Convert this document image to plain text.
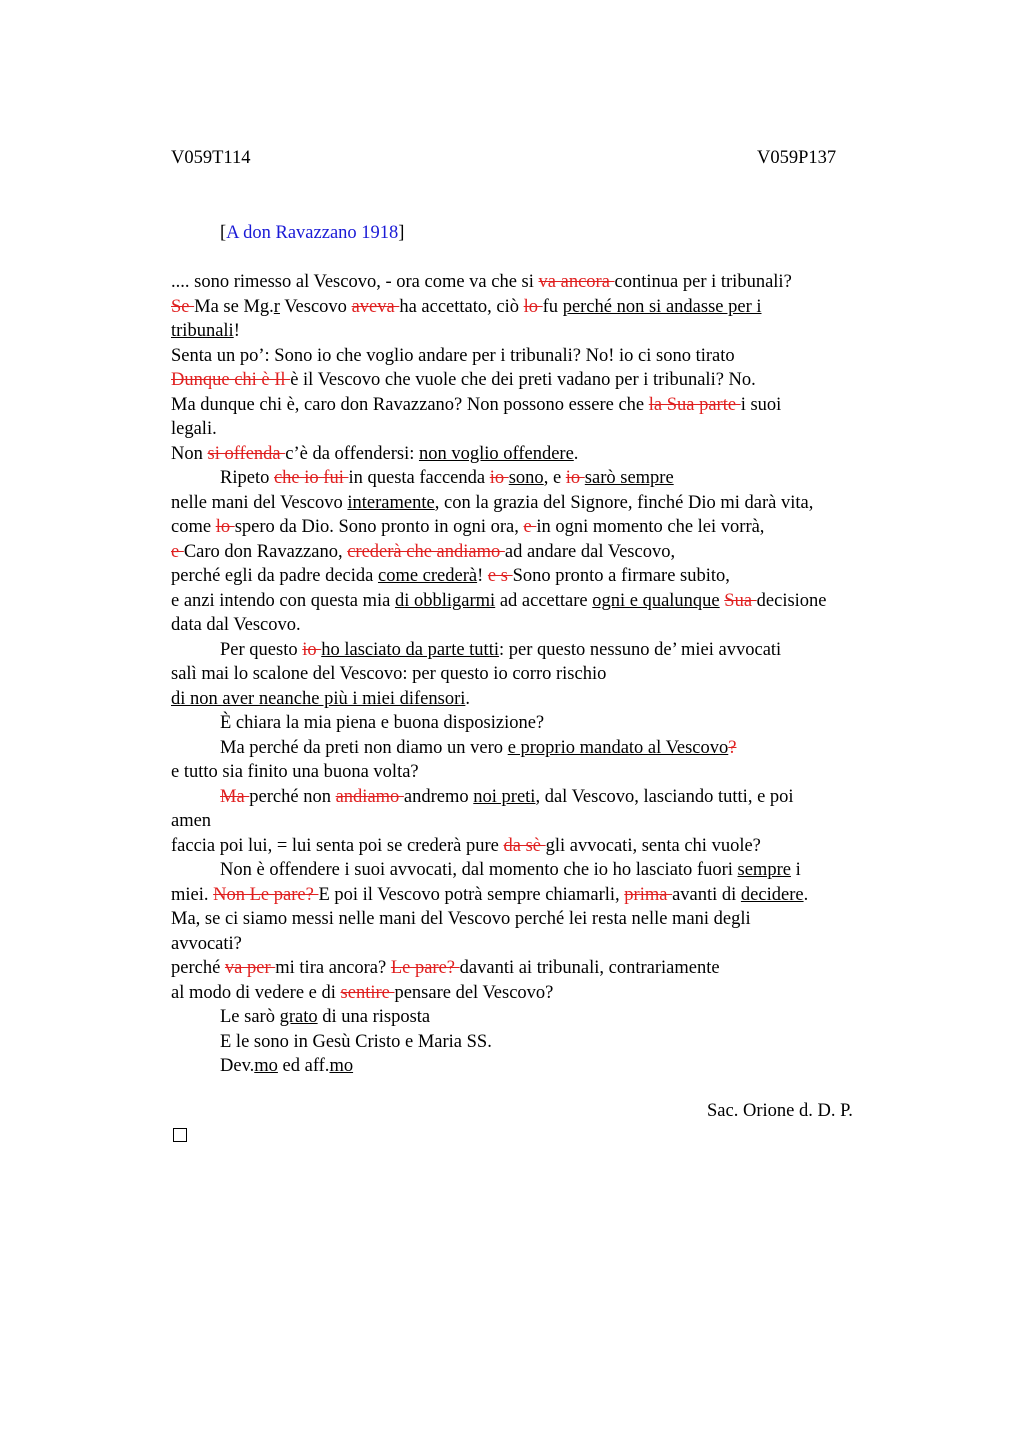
V059T114	V059P137
[A don Ravazzano 1918]
.... sono rimesso al Vescovo, - ora come va che si va ancora continua per i tribunali?
Se Ma se Mg.r Vescovo aveva ha accettato, ciò lo fu perché non si andasse per i
tribunali!
Senta un po’: Sono io che voglio andare per i tribunali? No! io ci sono tirato
Dunque chi è Il è il Vescovo che vuole che dei preti vadano per i tribunali? No.
Ma dunque chi è, caro don Ravazzano? Non possono essere che la Sua parte i suoi
legali.
Non si offenda c’è da offendersi: non voglio offendere.
Ripeto che io fui in questa faccenda io sono, e io sarò sempre
nelle mani del Vescovo interamente, con la grazia del Signore, finché Dio mi darà vita,
come lo spero da Dio. Sono pronto in ogni ora, e in ogni momento che lei vorrà,
e Caro don Ravazzano, crederà che andiamo ad andare dal Vescovo,
perché egli da padre decida come crederà! e s Sono pronto a firmare subito,
e anzi intendo con questa mia di obbligarmi ad accettare ogni e qualunque Sua decisione
data dal Vescovo.
Per questo io ho lasciato da parte tutti: per questo nessuno de’ miei avvocati
salì mai lo scalone del Vescovo: per questo io corro rischio
di non aver neanche più i miei difensori.
È chiara la mia piena e buona disposizione?
Ma perché da preti non diamo un vero e proprio mandato al Vescovo?
e tutto sia finito una buona volta?
Ma perché non andiamo andremo noi preti, dal Vescovo, lasciando tutti, e poi
amen
faccia poi lui, = lui senta poi se crederà pure da sè gli avvocati, senta chi vuole?
Non è offendere i suoi avvocati, dal momento che io ho lasciato fuori sempre i
miei. Non Le pare? E poi il Vescovo potrà sempre chiamarli, prima avanti di decidere.
Ma, se ci siamo messi nelle mani del Vescovo perché lei resta nelle mani degli
avvocati?
perché va per mi tira ancora? Le pare? davanti ai tribunali, contrariamente
al modo di vedere e di sentire pensare del Vescovo?
Le sarò grato di una risposta
E le sono in Gesù Cristo e Maria SS.
Dev.mo ed aff.mo
Sac. Orione d. D. P.
